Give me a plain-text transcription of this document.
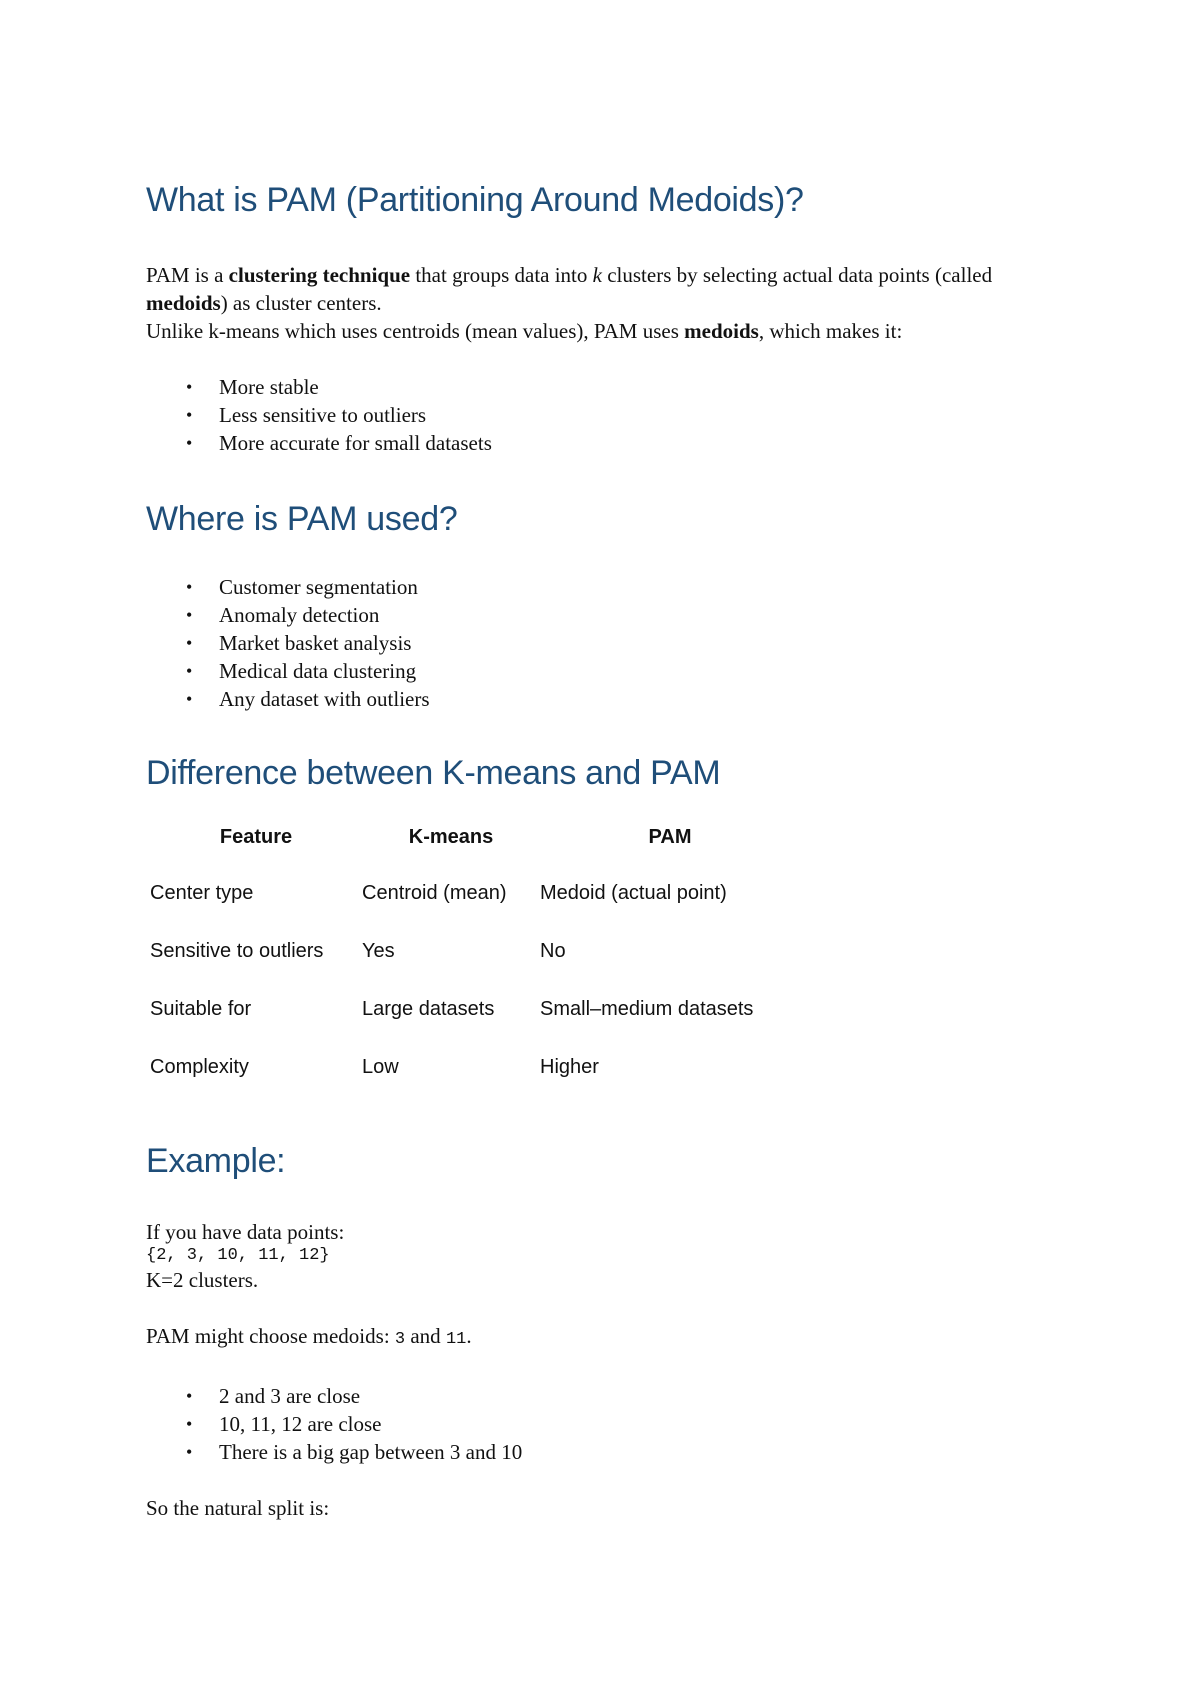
What is PAM (Partitioning Around Medoids)?

PAM is a clustering technique that groups data into k clusters by selecting actual data points (called medoids) as cluster centers.

Unlike k-means which uses centroids (mean values), PAM uses medoids, which makes it:

• More stable
• Less sensitive to outliers
• More accurate for small datasets
Where is PAM used?
• Customer segmentation
• Anomaly detection
• Market basket analysis
• Medical data clustering
• Any dataset with outliers
Difference between K-means and PAM
Feature	K-means	PAM
Center type	Centroid (mean)	Medoid (actual point)
Sensitive to outliers	Yes	No
Suitable for	Large datasets	Small–medium datasets
Complexity	Low	Higher
Example:

If you have data points:

{2, 3, 10, 11, 12}

K=2 clusters.

PAM might choose medoids: 3 and 11.

• 2 and 3 are close
• 10, 11, 12 are close
• There is a big gap between 3 and 10

So the natural split is:
